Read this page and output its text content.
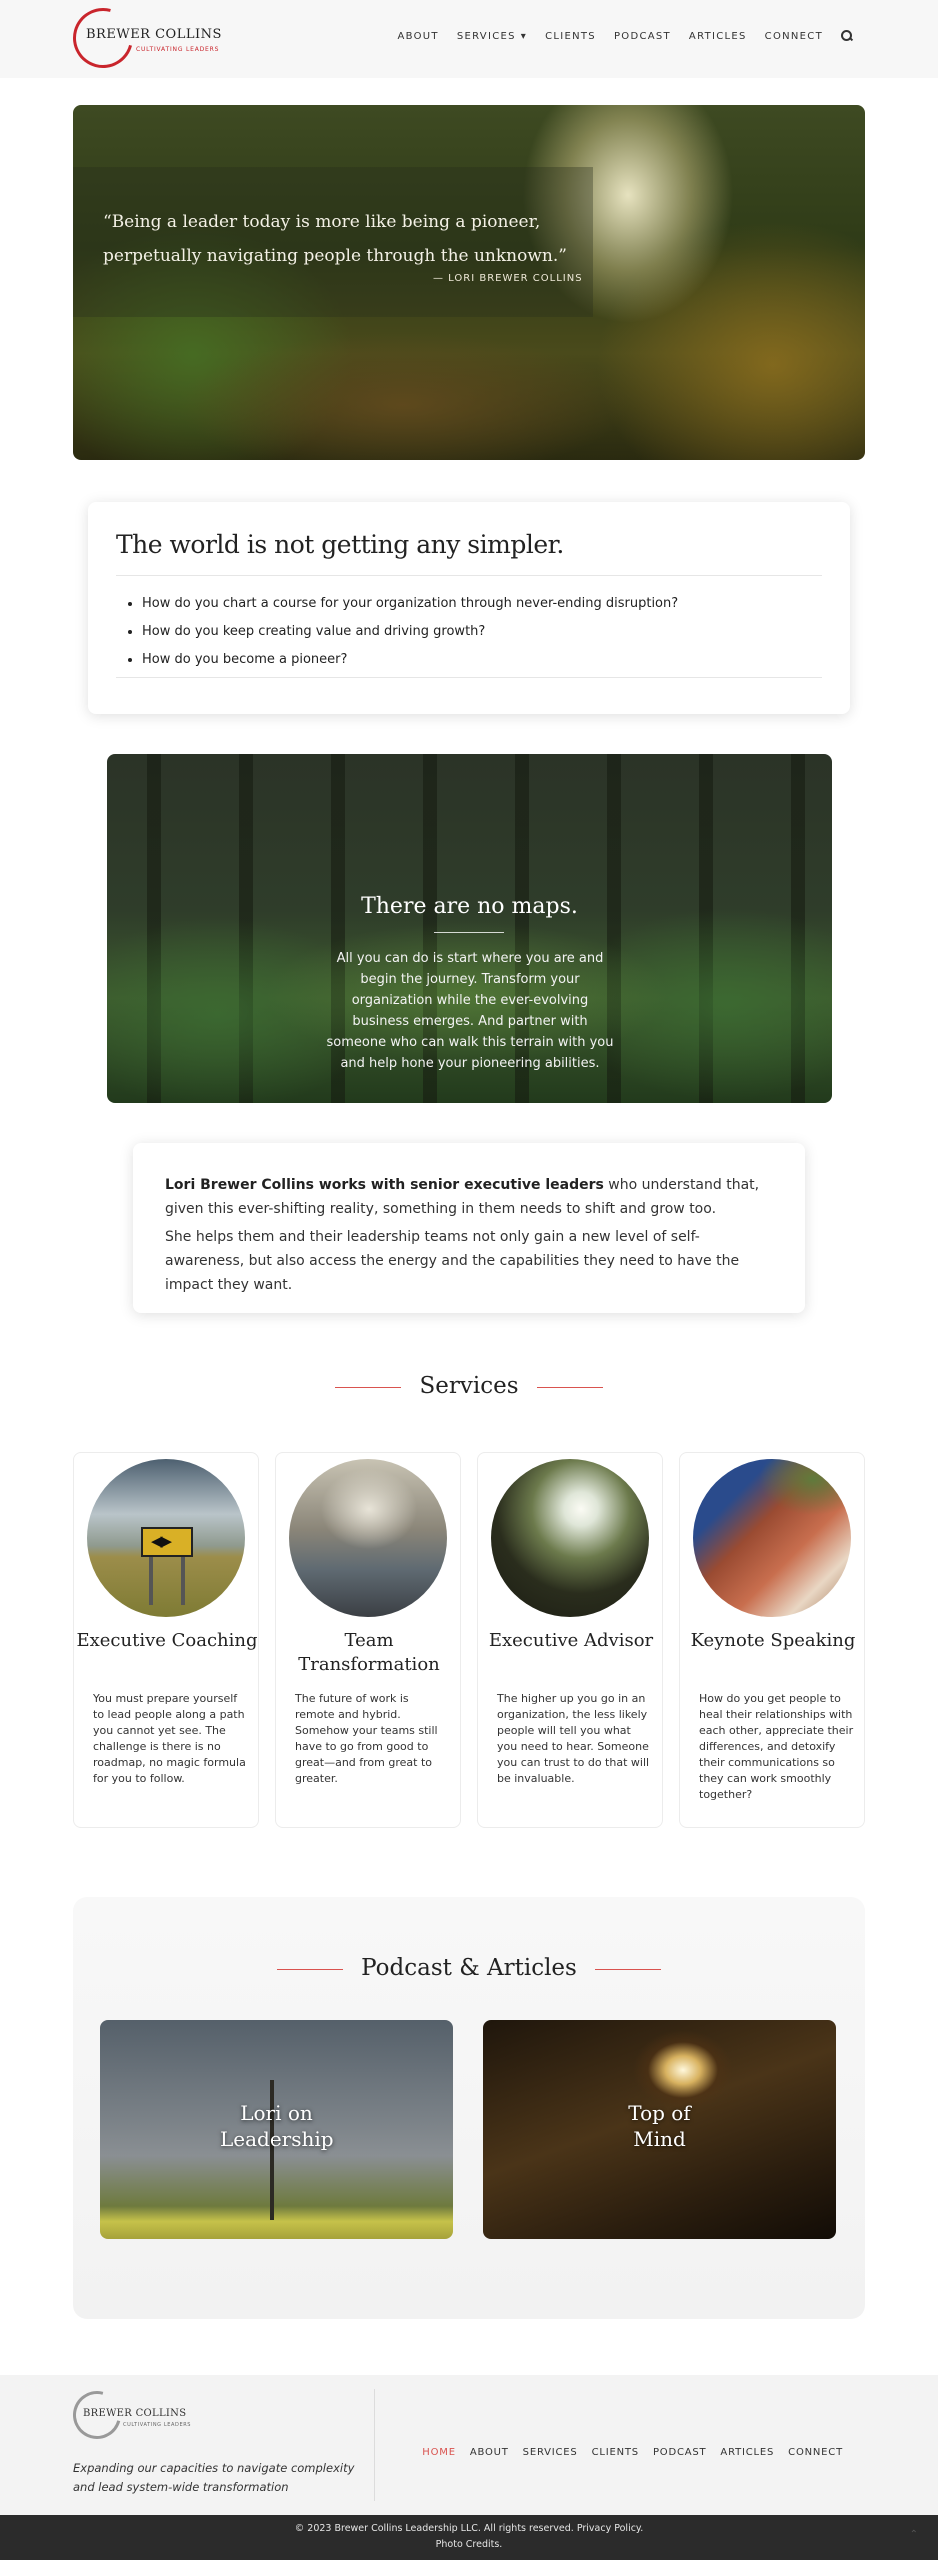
BREWER COLLINS
CULTIVATING LEADERS
ABOUT SERVICES ▾ CLIENTS PODCAST ARTICLES CONNECT
“Being a leader today is more like being a pioneer, perpetually navigating people through the unknown.”
— LORI BREWER COLLINS
The world is not getting any simpler.
• How do you chart a course for your organization through never-ending disruption?
• How do you keep creating value and driving growth?
• How do you become a pioneer?
There are no maps.

All you can do is start where you are and begin the journey. Transform your organization while the ever-evolving business emerges. And partner with someone who can walk this terrain with you and help hone your pioneering abilities.

Lori Brewer Collins works with senior executive leaders who understand that, given this ever-shifting reality, something in them needs to shift and grow too.

She helps them and their leadership teams not only gain a new level of self-awareness, but also access the energy and the capabilities they need to have the impact they want.

Services
◀▶
Executive Coaching

You must prepare yourself to lead people along a path you cannot yet see. The challenge is there is no roadmap, no magic formula for you to follow.

Team Transformation

The future of work is remote and hybrid. Somehow your teams still have to go from good to great—and from great to greater.

Executive Advisor

The higher up you go in an organization, the less likely people will tell you what you need to hear. Someone you can trust to do that will be invaluable.

Keynote Speaking

How do you get people to heal their relationships with each other, appreciate their differences, and detoxify their communications so they can work smoothly together?

Podcast & Articles
Lori on Leadership
Top of Mind
BREWER COLLINS
CULTIVATING LEADERS
Expanding our capacities to navigate complexity and lead system-wide transformation
HOME ABOUT SERVICES CLIENTS PODCAST ARTICLES CONNECT
© 2023 Brewer Collins Leadership LLC. All rights reserved. Privacy Policy.
Photo Credits.
⌃
